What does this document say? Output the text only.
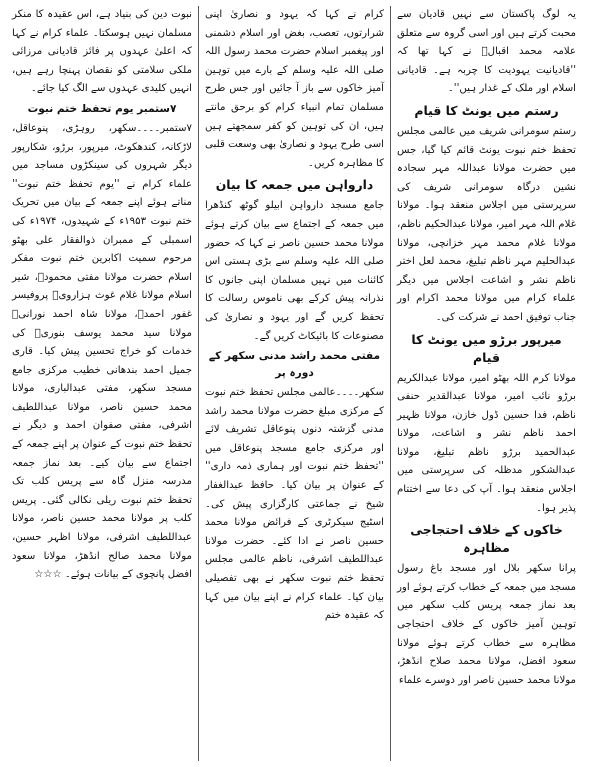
نبوت دین کی بنیاد ہے، اس عقیدہ کا منکر مسلمان نہیں ہوسکتا۔ علماء کرام نے کہا کہ اعلیٰ عہدوں پر فائز قادیانی مرزائی ملکی سلامتی کو نقصان پہنچا رہے ہیں، انہیں کلیدی عہدوں سے الگ کیا جائے۔

۷ستمبر یوم تحفظ ختم نبوت

۷ستمبر۔۔۔۔سکھر، روہڑی، پنوعاقل، لاڑکانہ، کندھکوٹ، میرپور، برڑو، شکارپور دیگر شہروں کی سینکڑوں مساجد میں علماء کرام نے ''یوم تحفظ ختم نبوت'' مناتے ہوئے اپنے جمعہ کے بیان میں تحریک ختم نبوت ۱۹۵۳ء کے شہیدوں، ۱۹۷۴ء کی اسمبلی کے ممبران ذوالفقار علی بھٹو مرحوم سمیت اکابرین ختم نبوت مفکر اسلام حضرت مولانا مفتی محمودؒ، شیر اسلام مولانا غلام غوث ہزارویؒ پروفیسر غفور احمدؒ، مولانا شاہ احمد نورانیؒ مولانا سید محمد یوسف بنوریؒ کی خدمات کو خراج تحسین پیش کیا۔ قاری جمیل احمد بندھانی خطیب مرکزی جامع مسجد سکھر، مفتی عبدالباری، مولانا محمد حسین ناصر، مولانا عبداللطیف اشرفی، مفتی صفوان احمد و دیگر نے تحفظ ختم نبوت کے عنوان پر اپنے جمعہ کے اجتماع سے بیان کیے۔ بعد نماز جمعہ مدرسہ منزل گاہ سے پریس کلب تک تحفظ ختم نبوت ریلی نکالی گئی۔ پریس کلب پر مولانا محمد حسین ناصر، مولانا عبداللطیف اشرفی، مولانا اظہر حسین، مولانا محمد صالح انڈھڑ، مولانا سعود افضل پانچوی کے بیانات ہوئے۔ ☆☆☆

کرام نے کہا کہ یہود و نصاریٰ اپنی شرارتوں، تعصب، بغض اور اسلام دشمنی اور پیغمبر اسلام حضرت محمد رسول اللہ صلی اللہ علیہ وسلم کے بارے میں توہین آمیز خاکوں سے باز آ جائیں اور جس طرح مسلمان تمام انبیاء کرام کو برحق مانتے ہیں، ان کی توہین کو کفر سمجھتے ہیں اسی طرح یہود و نصاریٰ بھی وسعت قلبی کا مظاہرہ کریں۔

دارواہن میں جمعہ کا بیان

جامع مسجد دارواہن ابیلو گوٹھ کنڈھرا میں جمعہ کے اجتماع سے بیان کرتے ہوئے مولانا محمد حسین ناصر نے کہا کہ حضور صلی اللہ علیہ وسلم سے بڑی ہستی اس کائنات میں نہیں مسلمان اپنی جانوں کا نذرانہ پیش کرکے بھی ناموس رسالت کا تحفظ کریں گے اور یہود و نصاریٰ کی مصنوعات کا بائیکاٹ کریں گے۔

مفتی محمد راشد مدنی سکھر کے دورہ پر

سکھر۔۔۔۔عالمی مجلس تحفظ ختم نبوت کے مرکزی مبلغ حضرت مولانا محمد راشد مدنی گزشتہ دنوں پنوعاقل تشریف لائے اور مرکزی جامع مسجد پنوعاقل میں ''تحفظ ختم نبوت اور ہماری ذمہ داری'' کے عنوان پر بیان کیا۔ حافظ عبدالغفار شیخ نے جماعتی کارگزاری پیش کی۔ اسٹیج سیکرٹری کے فرائض مولانا محمد حسین ناصر نے ادا کئے۔ حضرت مولانا عبداللطیف اشرفی، ناظم عالمی مجلس تحفظ ختم نبوت سکھر نے بھی تفصیلی بیان کیا۔ علماء کرام نے اپنے بیان میں کہا کہ عقیدہ ختم

یہ لوگ پاکستان سے نہیں قادیان سے محبت کرتے ہیں اور اسی گروہ سے متعلق علامہ محمد اقبالؒ نے کہا تھا کہ ''قادیانیت یہودیت کا چربہ ہے۔ قادیانی اسلام اور ملک کے غدار ہیں''۔

رستم میں یونٹ کا قیام

رستم سومرانی شریف میں عالمی مجلس تحفظ ختم نبوت یونٹ قائم کیا گیا، جس میں حضرت مولانا عبداللہ مہر سجادہ نشین درگاہ سومرانی شریف کی سرپرستی میں اجلاس منعقد ہوا۔ مولانا غلام اللہ مہر امیر، مولانا عبدالحکیم ناظم، مولانا غلام محمد مہر خزانچی، مولانا عبدالحلیم مہر ناظم تبلیغ، محمد لعل اختر ناظم نشر و اشاعت اجلاس میں دیگر علماء کرام میں مولانا محمد اکرام اور جناب توفیق احمد نے شرکت کی۔

میرپور برڑو میں یونٹ کا قیام

مولانا کرم اللہ بھٹو امیر، مولانا عبدالکریم برڑو نائب امیر، مولانا عبدالقدیر حنفی ناظم، فدا حسین ڈول خازن، مولانا ظہیر احمد ناظم نشر و اشاعت، مولانا عبدالحمید برڑو ناظم تبلیغ، مولانا عبدالشکور مدظلہ کی سرپرستی میں اجلاس منعقد ہوا۔ آپ کی دعا سے اختتام پذیر ہوا۔

خاکوں کے خلاف احتجاجی مظاہرہ

پرانا سکھر بلال اور مسجد باغ رسول مسجد میں جمعہ کے خطاب کرتے ہوئے اور بعد نماز جمعہ پریس کلب سکھر میں توہین آمیز خاکوں کے خلاف احتجاجی مظاہرہ سے خطاب کرتے ہوئے مولانا سعود افضل، مولانا محمد صلاح انڈھڑ، مولانا محمد حسین ناصر اور دوسرے علماء
